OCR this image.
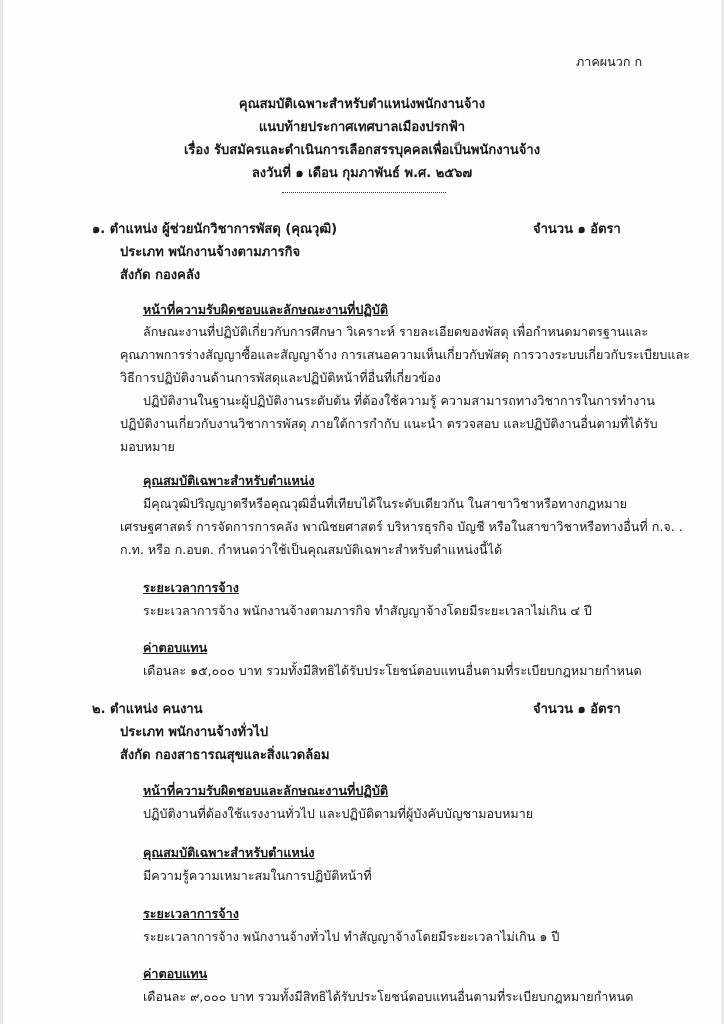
ภาคผนวก ก
คุณสมบัติเฉพาะสำหรับตำแหน่งพนักงานจ้าง
แนบท้ายประกาศเทศบาลเมืองปรกฟ้า
เรื่อง รับสมัครและดำเนินการเลือกสรรบุคคลเพื่อเป็นพนักงานจ้าง
ลงวันที่ ๑ เดือน กุมภาพันธ์ พ.ศ. ๒๕๖๗
๑. ตำแหน่ง ผู้ช่วยนักวิชาการพัสดุ (คุณวุฒิ)	จำนวน ๑ อัตรา
ประเภท พนักงานจ้างตามภารกิจ
สังกัด กองคลัง
หน้าที่ความรับผิดชอบและลักษณะงานที่ปฏิบัติ
ลักษณะงานที่ปฏิบัติเกี่ยวกับการศึกษา วิเคราะห์ รายละเอียดของพัสดุ เพื่อกำหนดมาตรฐานและ
คุณภาพการร่างสัญญาซื้อและสัญญาจ้าง การเสนอความเห็นเกี่ยวกับพัสดุ การวางระบบเกี่ยวกับระเบียบและ
วิธีการปฏิบัติงานด้านการพัสดุและปฏิบัติหน้าที่อื่นที่เกี่ยวข้อง
ปฏิบัติงานในฐานะผู้ปฏิบัติงานระดับต้น ที่ต้องใช้ความรู้ ความสามารถทางวิชาการในการทำงาน
ปฏิบัติงานเกี่ยวกับงานวิชาการพัสดุ ภายใต้การกำกับ แนะนำ ตรวจสอบ และปฏิบัติงานอื่นตามที่ได้รับ
มอบหมาย
คุณสมบัติเฉพาะสำหรับตำแหน่ง
มีคุณวุฒิปริญญาตรีหรือคุณวุฒิอื่นที่เทียบได้ในระดับเดียวกัน ในสาขาวิชาหรือทางกฎหมาย
เศรษฐศาสตร์ การจัดการการคลัง พาณิชยศาสตร์ บริหารธุรกิจ บัญชี หรือในสาขาวิชาหรือทางอื่นที่ ก.จ. .
ก.ท. หรือ ก.อบต. กำหนดว่าใช้เป็นคุณสมบัติเฉพาะสำหรับตำแหน่งนี้ได้
ระยะเวลาการจ้าง
ระยะเวลาการจ้าง พนักงานจ้างตามภารกิจ ทำสัญญาจ้างโดยมีระยะเวลาไม่เกิน ๔ ปี
ค่าตอบแทน
เดือนละ ๑๕,๐๐๐ บาท รวมทั้งมีสิทธิได้รับประโยชน์ตอบแทนอื่นตามที่ระเบียบกฎหมายกำหนด
๒. ตำแหน่ง คนงาน	จำนวน ๑ อัตรา
ประเภท พนักงานจ้างทั่วไป
สังกัด กองสาธารณสุขและสิ่งแวดล้อม
หน้าที่ความรับผิดชอบและลักษณะงานที่ปฏิบัติ
ปฏิบัติงานที่ต้องใช้แรงงานทั่วไป และปฏิบัติตามที่ผู้บังคับบัญชามอบหมาย
คุณสมบัติเฉพาะสำหรับตำแหน่ง
มีความรู้ความเหมาะสมในการปฏิบัติหน้าที่
ระยะเวลาการจ้าง
ระยะเวลาการจ้าง พนักงานจ้างทั่วไป ทำสัญญาจ้างโดยมีระยะเวลาไม่เกิน ๑ ปี
ค่าตอบแทน
เดือนละ ๙,๐๐๐ บาท รวมทั้งมีสิทธิได้รับประโยชน์ตอบแทนอื่นตามที่ระเบียบกฎหมายกำหนด
